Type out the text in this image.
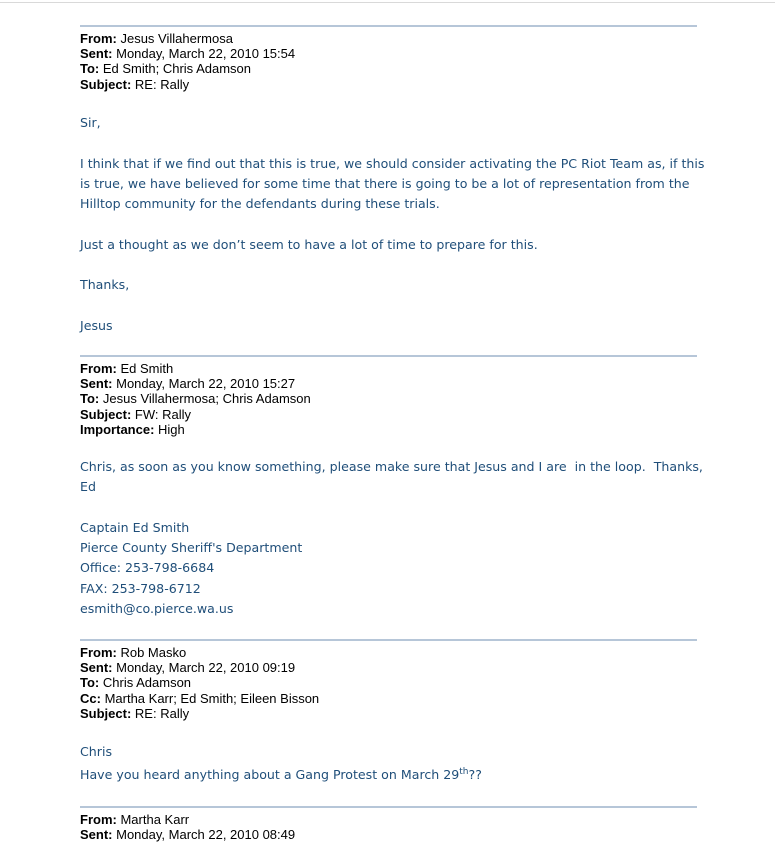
From: Jesus Villahermosa
Sent: Monday, March 22, 2010 15:54
To: Ed Smith; Chris Adamson
Subject: RE: Rally

Sir,

I think that if we find out that this is true, we should consider activating the PC Riot Team as, if this is true, we have believed for some time that there is going to be a lot of representation from the Hilltop community for the defendants during these trials.

Just a thought as we don’t seem to have a lot of time to prepare for this.

Thanks,

Jesus

From: Ed Smith
Sent: Monday, March 22, 2010 15:27
To: Jesus Villahermosa; Chris Adamson
Subject: FW: Rally
Importance: High

Chris, as soon as you know something, please make sure that Jesus and I are  in the loop.  Thanks,

Ed

Captain Ed Smith

Pierce County Sheriff's Department

Office: 253-798-6684

FAX: 253-798-6712

esmith@co.pierce.wa.us

From: Rob Masko
Sent: Monday, March 22, 2010 09:19
To: Chris Adamson
Cc: Martha Karr; Ed Smith; Eileen Bisson
Subject: RE: Rally

Chris

Have you heard anything about a Gang Protest on March 29th??

From: Martha Karr
Sent: Monday, March 22, 2010 08:49
